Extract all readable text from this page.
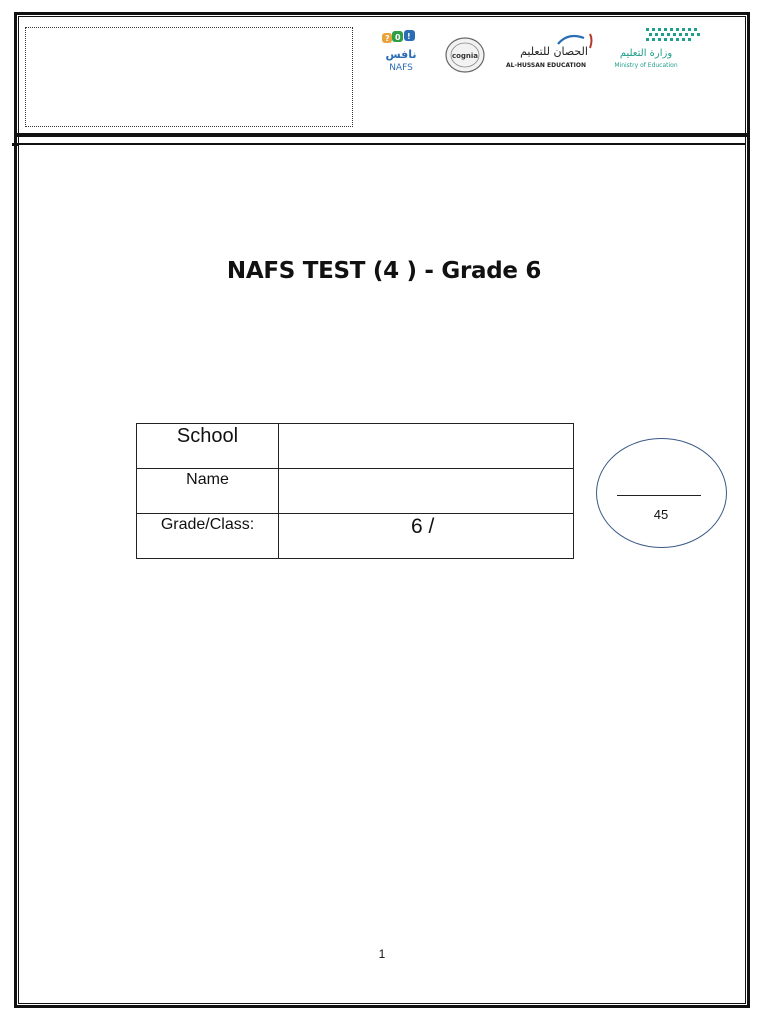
? 0 !
نافس
NAFS
cognia	الحصان للتعليم
AL-HUSSAN EDUCATION
وزارة التعليم
Ministry of Education
NAFS TEST (4 ) - Grade 6
School	

Name	

Grade/Class:	6 /
45
1
